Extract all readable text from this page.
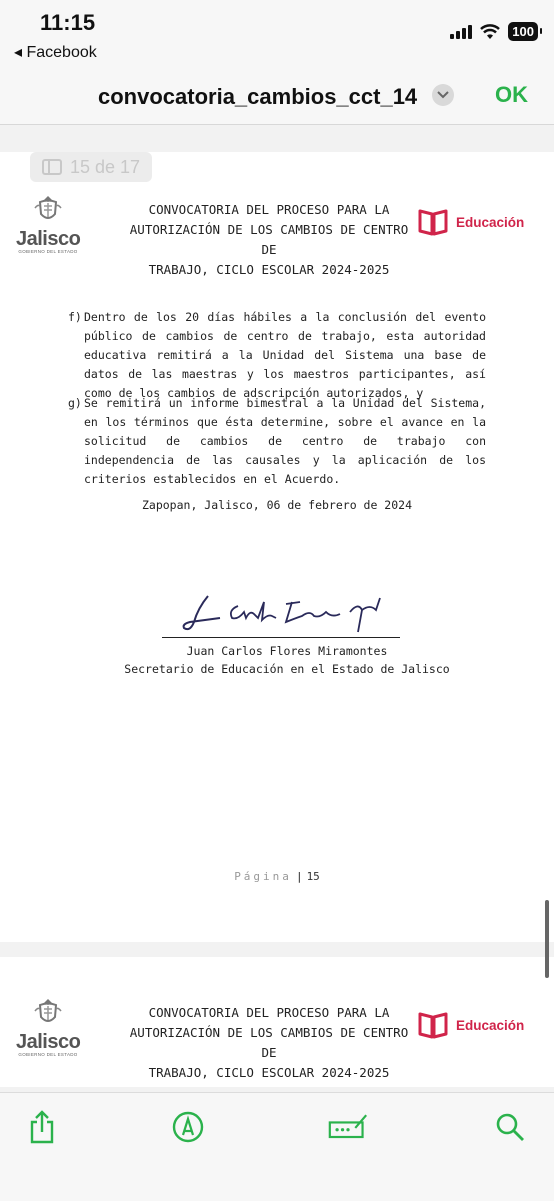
11:15
◂ Facebook
100
convocatoria_cambios_cct_14	OK
15 de 17
Jalisco
GOBIERNO DEL ESTADO
CONVOCATORIA DEL PROCESO PARA LA
AUTORIZACIÓN DE LOS CAMBIOS DE CENTRO DE
TRABAJO, CICLO ESCOLAR 2024-2025
Educación
f) Dentro de los 20 días hábiles a la conclusión del evento público de cambios de centro de trabajo, esta autoridad educativa remitirá a la Unidad del Sistema una base de datos de las maestras y los maestros participantes, así como de los cambios de adscripción autorizados, y
g) Se remitirá un informe bimestral a la Unidad del Sistema, en los términos que ésta determine, sobre el avance en la solicitud de cambios de centro de trabajo con independencia de las causales y la aplicación de los criterios establecidos en el Acuerdo.
Zapopan, Jalisco, 06 de febrero de 2024
Juan Carlos Flores Miramontes
Secretario de Educación en el Estado de Jalisco
Página | 15
Jalisco
GOBIERNO DEL ESTADO
CONVOCATORIA DEL PROCESO PARA LA
AUTORIZACIÓN DE LOS CAMBIOS DE CENTRO DE
TRABAJO, CICLO ESCOLAR 2024-2025
Educación
